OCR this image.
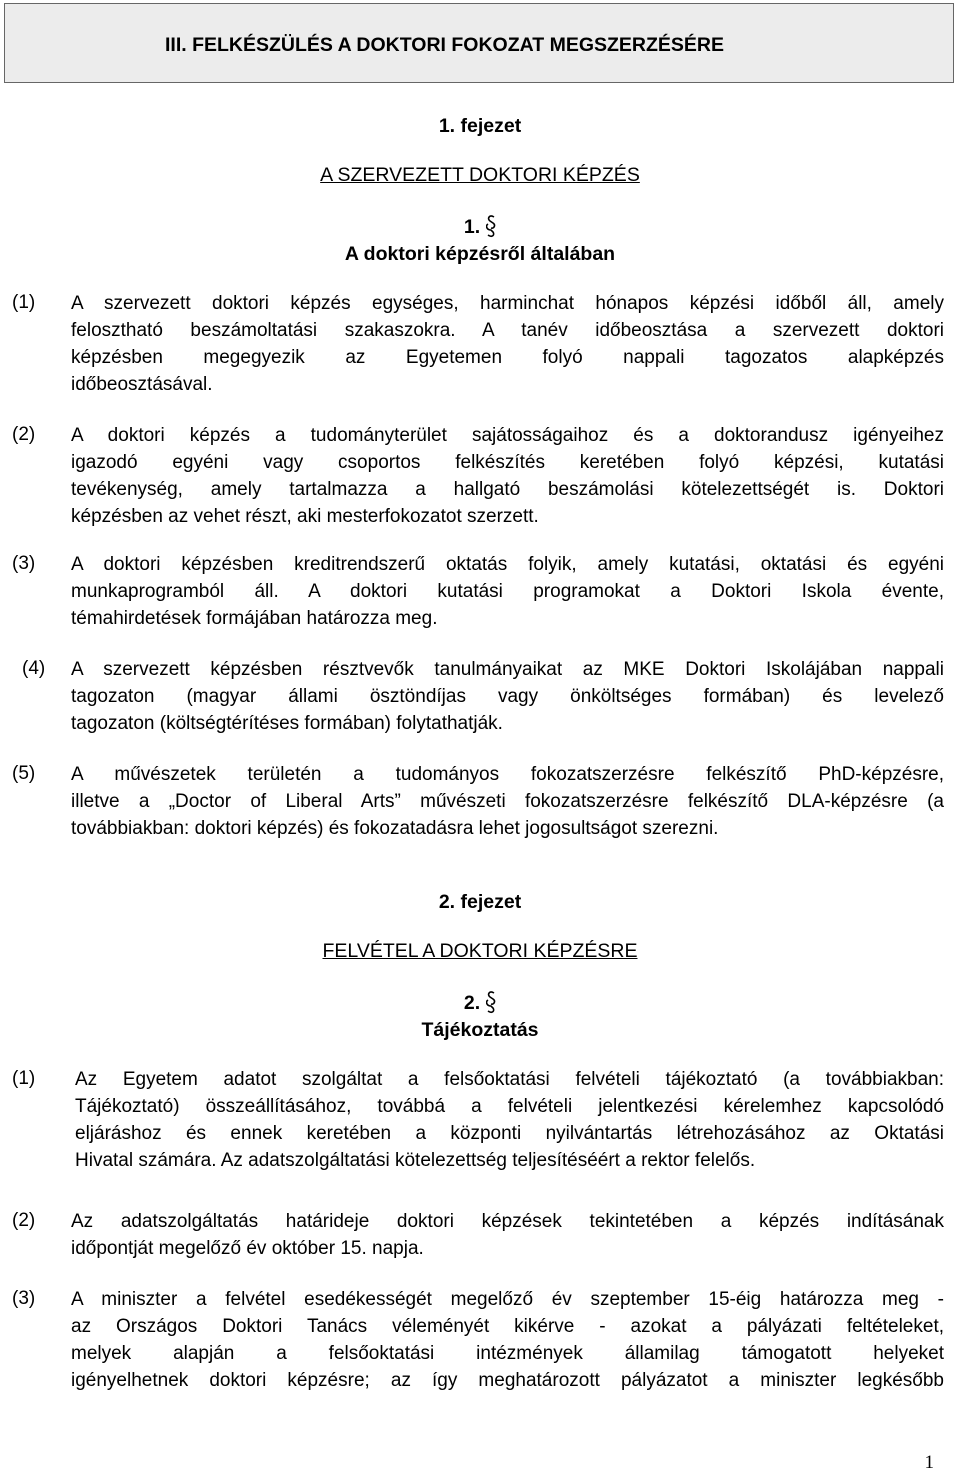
III. FELKÉSZÜLÉS A DOKTORI FOKOZAT MEGSZERZÉSÉRE
1. fejezet
A SZERVEZETT DOKTORI KÉPZÉS
1.
A doktori képzésről általában
(1) A szervezett doktori képzés egységes, harminchat hónapos képzési időből áll, amely
felosztható beszámoltatási szakaszokra. A tanév időbeosztása a szervezett doktori
képzésben megegyezik az Egyetemen folyó nappali tagozatos alapképzés
időbeosztásával.
(2) A doktori képzés a tudományterület sajátosságaihoz és a doktorandusz igényeihez
igazodó egyéni vagy csoportos felkészítés keretében folyó képzési, kutatási
tevékenység, amely tartalmazza a hallgató beszámolási kötelezettségét is. Doktori
képzésben az vehet részt, aki mesterfokozatot szerzett.
(3) A doktori képzésben kreditrendszerű oktatás folyik, amely kutatási, oktatási és egyéni
munkaprogramból áll. A doktori kutatási programokat a Doktori Iskola évente,
témahirdetések formájában határozza meg.
(4) A szervezett képzésben résztvevők tanulmányaikat az MKE Doktori Iskolájában nappali
tagozaton (magyar állami ösztöndíjas vagy önköltséges formában) és levelező
tagozaton (költségtérítéses formában) folytathatják.
(5) A művészetek területén a tudományos fokozatszerzésre felkészítő PhD-képzésre,
illetve a „Doctor of Liberal Arts” művészeti fokozatszerzésre felkészítő DLA-képzésre (a
továbbiakban: doktori képzés) és fokozatadásra lehet jogosultságot szerezni.
2. fejezet
FELVÉTEL A DOKTORI KÉPZÉSRE
2.
Tájékoztatás
(1) Az Egyetem adatot szolgáltat a felsőoktatási felvételi tájékoztató (a továbbiakban:
Tájékoztató) összeállításához, továbbá a felvételi jelentkezési kérelemhez kapcsolódó
eljáráshoz és ennek keretében a központi nyilvántartás létrehozásához az Oktatási
Hivatal számára. Az adatszolgáltatási kötelezettség teljesítéséért a rektor felelős.
(2) Az adatszolgáltatás határideje doktori képzések tekintetében a képzés indításának
időpontját megelőző év október 15. napja.
(3) A miniszter a felvétel esedékességét megelőző év szeptember 15-éig határozza meg -
az Országos Doktori Tanács véleményét kikérve - azokat a pályázati feltételeket,
melyek alapján a felsőoktatási intézmények államilag támogatott helyeket
igényelhetnek doktori képzésre; az így meghatározott pályázatot a miniszter legkésőbb
1
